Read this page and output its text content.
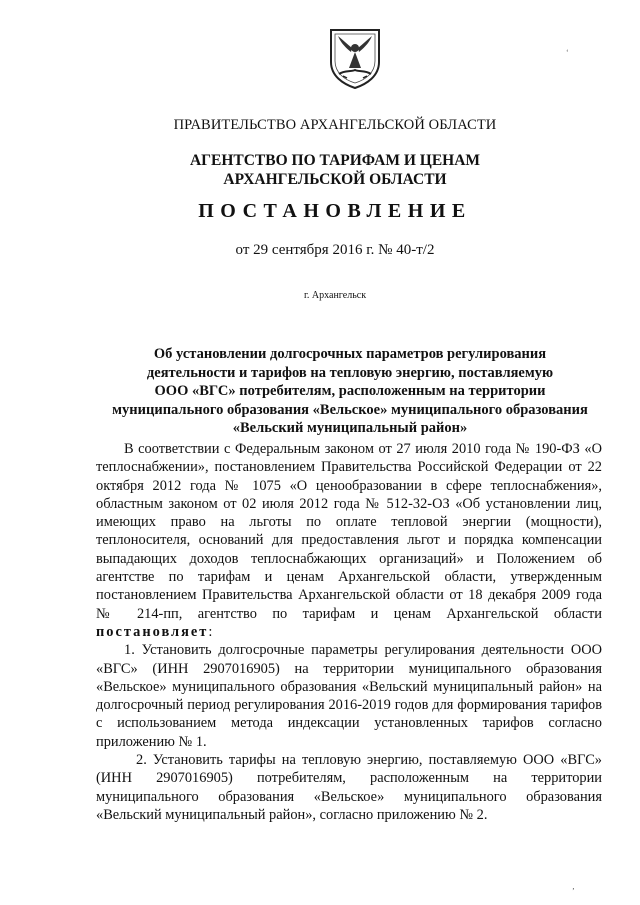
ПРАВИТЕЛЬСТВО АРХАНГЕЛЬСКОЙ ОБЛАСТИ
АГЕНТСТВО ПО ТАРИФАМ И ЦЕНАМ
АРХАНГЕЛЬСКОЙ ОБЛАСТИ
ПОСТАНОВЛЕНИЕ
от 29 сентября 2016 г. № 40-т/2
г. Архангельск
Об установлении долгосрочных параметров регулирования
деятельности и тарифов на тепловую энергию, поставляемую
ООО «ВГС» потребителям, расположенным на территории
муниципального образования «Вельское» муниципального образования
«Вельский муниципальный район»

В соответствии с Федеральным законом от 27 июля 2010 года № 190-ФЗ «О теплоснабжении», постановлением Правительства Российской Федерации от 22 октября 2012 года № 1075 «О ценообразовании в сфере теплоснабжения», областным законом от 02 июля 2012 года № 512-32-ОЗ «Об установлении лиц, имеющих право на льготы по оплате тепловой энергии (мощности), теплоносителя, оснований для предоставления льгот и порядка компенсации выпадающих доходов теплоснабжающих организаций» и Положением об агентстве по тарифам и ценам Архангельской области, утвержденным постановлением Правительства Архангельской области от 18 декабря 2009 года № 214-пп, агентство по тарифам и ценам Архангельской области постановляет:

1. Установить долгосрочные параметры регулирования деятельности ООО «ВГС» (ИНН 2907016905) на территории муниципального образования «Вельское» муниципального образования «Вельский муниципальный район» на долгосрочный период регулирования 2016-2019 годов для формирования тарифов с использованием метода индексации установленных тарифов согласно приложению № 1.

2. Установить тарифы на тепловую энергию, поставляемую ООО «ВГС» (ИНН 2907016905) потребителям, расположенным на территории муниципального образования «Вельское» муниципального образования «Вельский муниципальный район», согласно приложению № 2.

‘
‚
